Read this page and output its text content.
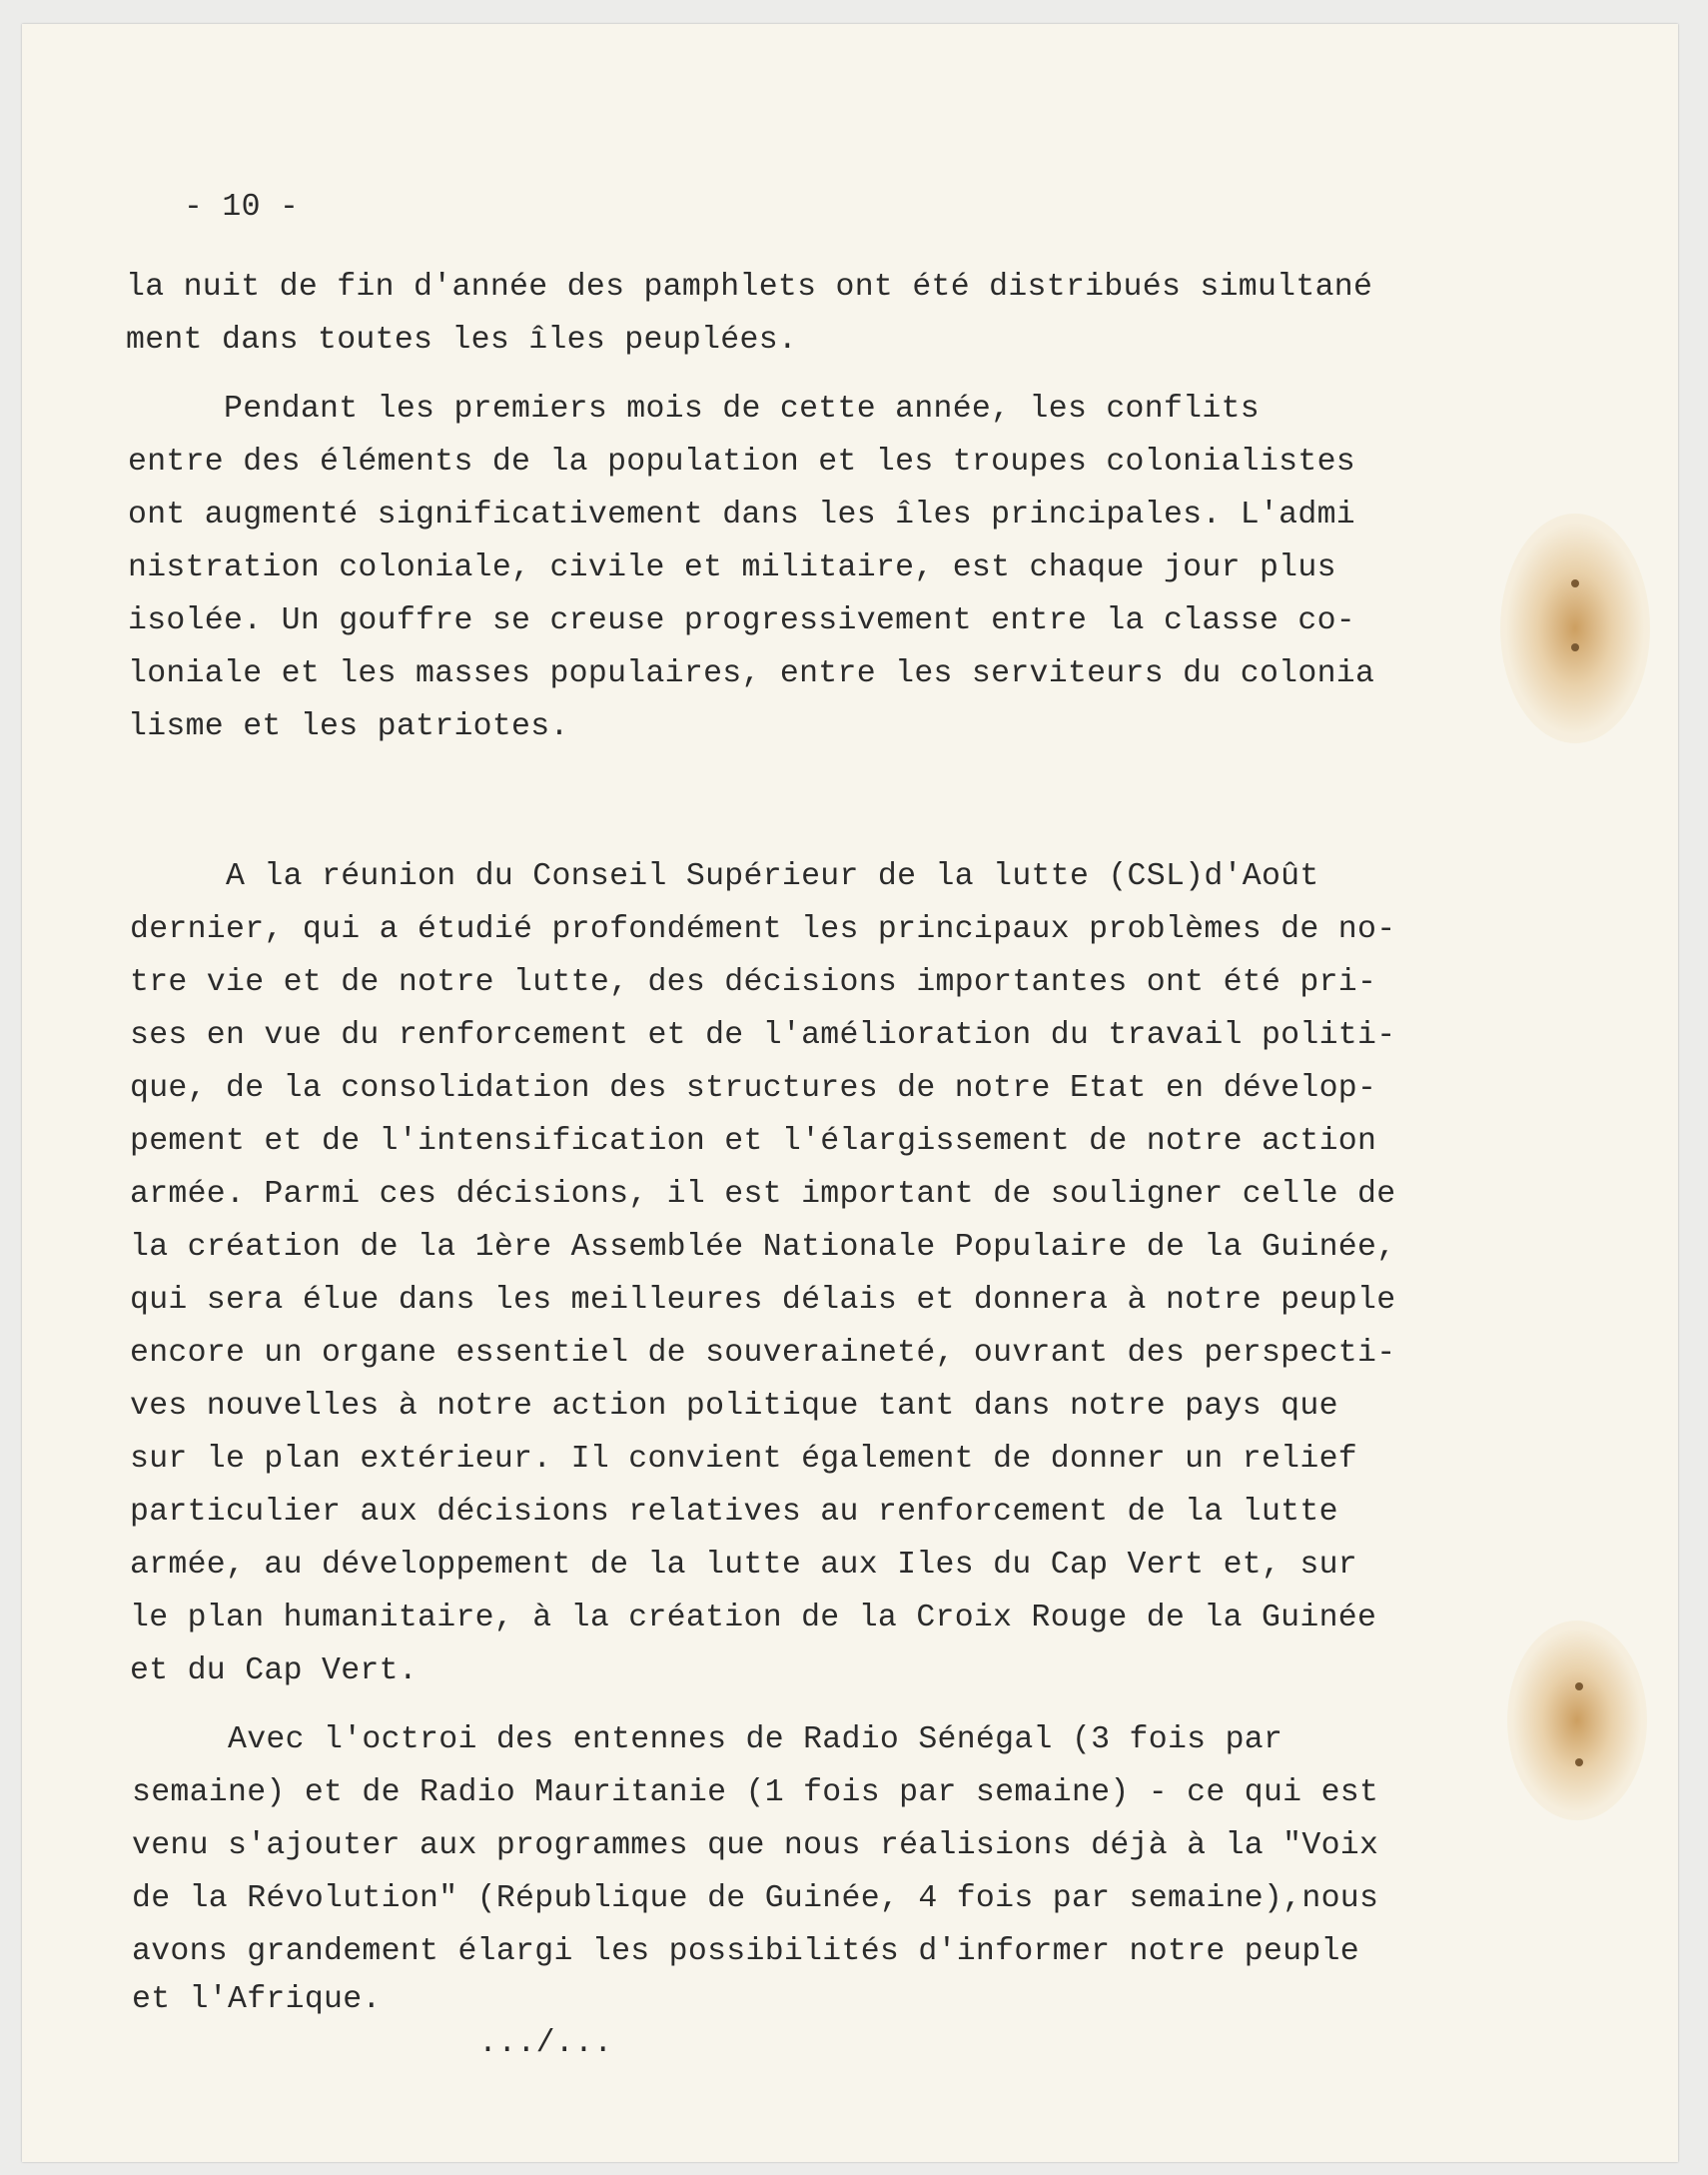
- 10 -

la nuit de fin d'année des pamphlets ont été distribués simultané

ment dans toutes les îles peuplées.

Pendant les premiers mois de cette année, les conflits

entre des éléments de la population et les troupes colonialistes

ont augmenté significativement dans les îles principales. L'admi

nistration coloniale, civile et militaire, est chaque jour plus

isolée. Un gouffre se creuse progressivement entre la classe co-

loniale et les masses populaires, entre les serviteurs du colonia

lisme et les patriotes.

A la réunion du Conseil Supérieur de la lutte (CSL)d'Août

dernier, qui a étudié profondément les principaux problèmes de no-

tre vie et de notre lutte, des décisions importantes ont été pri-

ses en vue du renforcement et de l'amélioration du travail politi-

que, de la consolidation des structures de notre Etat en dévelop-

pement et de l'intensification et l'élargissement de notre action

armée. Parmi ces décisions, il est important de souligner celle de

la création de la 1ère Assemblée Nationale Populaire de la Guinée,

qui sera élue dans les meilleures délais et donnera à notre peuple

encore un organe essentiel de souveraineté, ouvrant des perspecti-

ves nouvelles à notre action politique tant dans notre pays que

sur le plan extérieur. Il convient également de donner un relief

particulier aux décisions relatives au renforcement de la lutte

armée, au développement de la lutte aux Iles du Cap Vert et, sur

le plan humanitaire, à la création de la Croix Rouge de la Guinée

et du Cap Vert.

Avec l'octroi des entennes de Radio Sénégal (3 fois par

semaine) et de Radio Mauritanie (1 fois par semaine) - ce qui est

venu s'ajouter aux programmes que nous réalisions déjà à la "Voix

de la Révolution" (République de Guinée, 4 fois par semaine),nous

avons grandement élargi les possibilités d'informer notre peuple

et l'Afrique.

.../...
